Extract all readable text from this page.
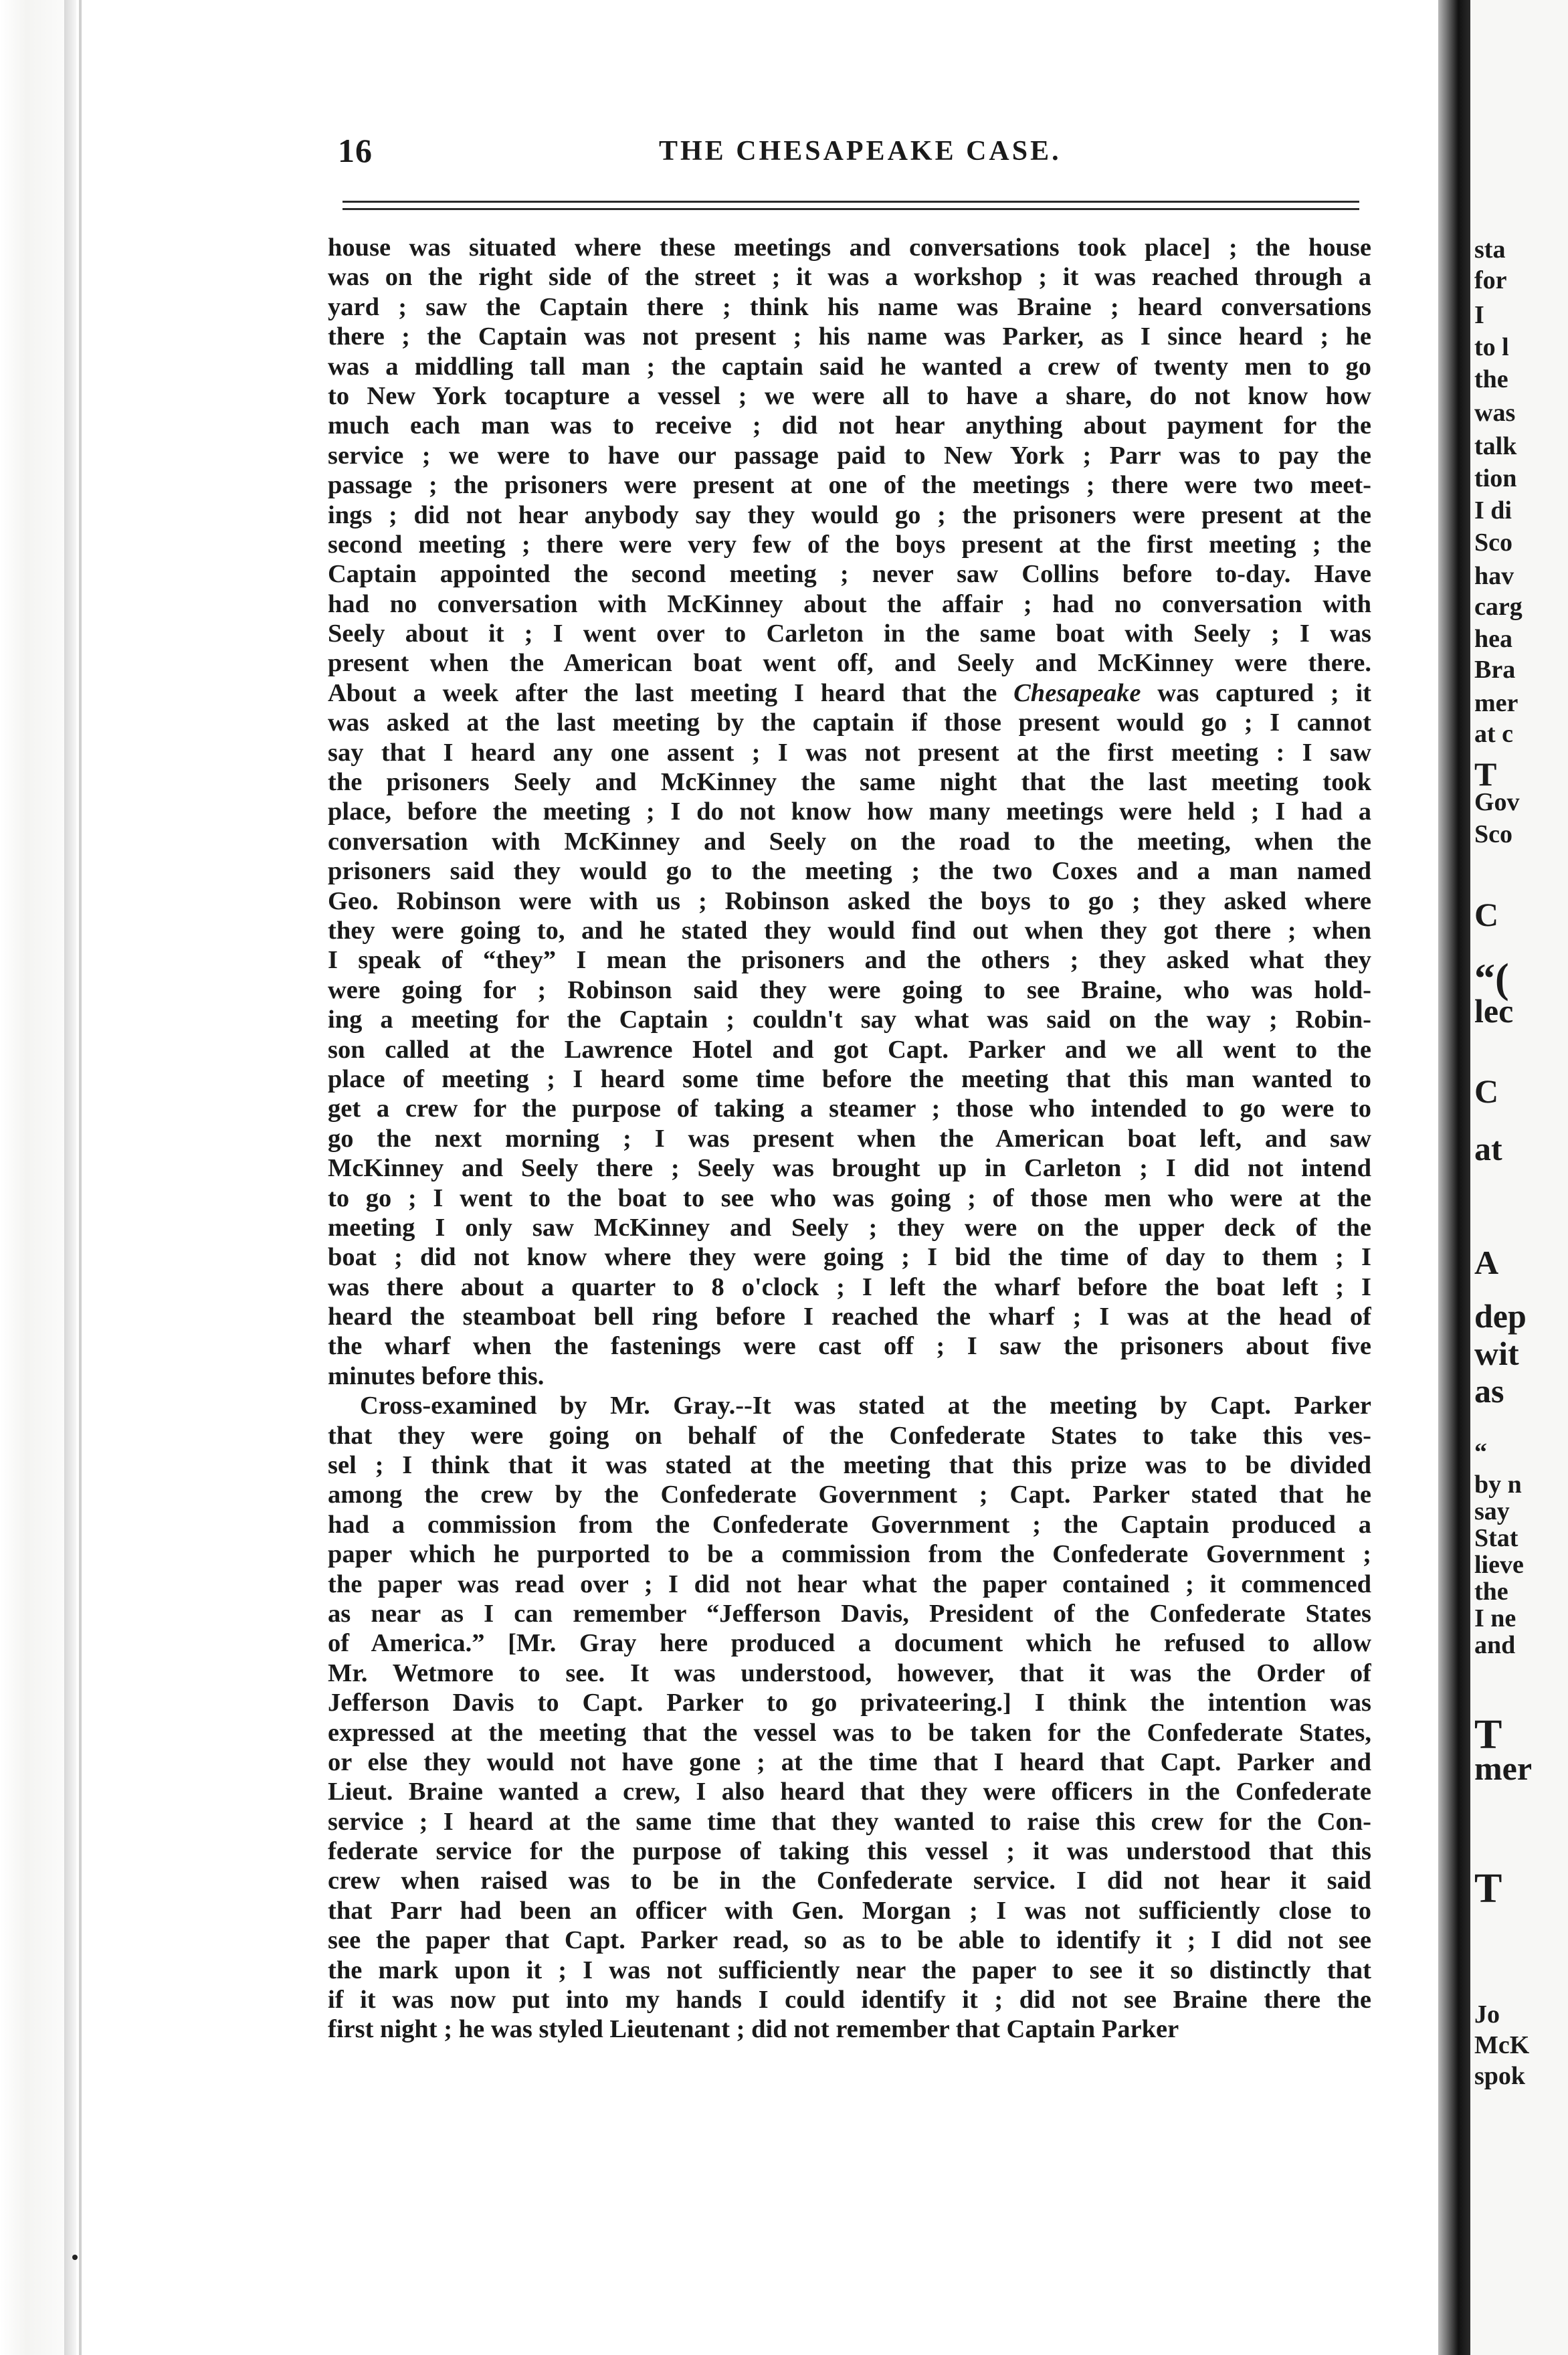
16	THE CHESAPEAKE CASE.
house was situated where these meetings and conversations took place] ; the house
was on the right side of the street ; it was a workshop ; it was reached through a
yard ; saw the Captain there ; think his name was Braine ; heard conversations
there ; the Captain was not present ; his name was Parker, as I since heard ; he
was a middling tall man ; the captain said he wanted a crew of twenty men to go
to New York tocapture a vessel ; we were all to have a share, do not know how
much each man was to receive ; did not hear anything about payment for the
service ; we were to have our passage paid to New York ; Parr was to pay the
passage ; the prisoners were present at one of the meetings ; there were two meet-
ings ; did not hear anybody say they would go ; the prisoners were present at the
second meeting ; there were very few of the boys present at the first meeting ; the
Captain appointed the second meeting ; never saw Collins before to-day. Have
had no conversation with McKinney about the affair ; had no conversation with
Seely about it ; I went over to Carleton in the same boat with Seely ; I was
present when the American boat went off, and Seely and McKinney were there.
About a week after the last meeting I heard that the Chesapeake was captured ; it
was asked at the last meeting by the captain if those present would go ; I cannot
say that I heard any one assent ; I was not present at the first meeting : I saw
the prisoners Seely and McKinney the same night that the last meeting took
place, before the meeting ; I do not know how many meetings were held ; I had a
conversation with McKinney and Seely on the road to the meeting, when the
prisoners said they would go to the meeting ; the two Coxes and a man named
Geo. Robinson were with us ; Robinson asked the boys to go ; they asked where
they were going to, and he stated they would find out when they got there ; when
I speak of “they” I mean the prisoners and the others ; they asked what they
were going for ; Robinson said they were going to see Braine, who was hold-
ing a meeting for the Captain ; couldn't say what was said on the way ; Robin-
son called at the Lawrence Hotel and got Capt. Parker and we all went to the
place of meeting ; I heard some time before the meeting that this man wanted to
get a crew for the purpose of taking a steamer ; those who intended to go were to
go the next morning ; I was present when the American boat left, and saw
McKinney and Seely there ; Seely was brought up in Carleton ; I did not intend
to go ; I went to the boat to see who was going ; of those men who were at the
meeting I only saw McKinney and Seely ; they were on the upper deck of the
boat ; did not know where they were going ; I bid the time of day to them ; I
was there about a quarter to 8 o'clock ; I left the wharf before the boat left ; I
heard the steamboat bell ring before I reached the wharf ; I was at the head of
the wharf when the fastenings were cast off ; I saw the prisoners about five
minutes before this.
Cross-examined by Mr. Gray.--It was stated at the meeting by Capt. Parker
that they were going on behalf of the Confederate States to take this ves-
sel ; I think that it was stated at the meeting that this prize was to be divided
among the crew by the Confederate Government ; Capt. Parker stated that he
had a commission from the Confederate Government ; the Captain produced a
paper which he purported to be a commission from the Confederate Government ;
the paper was read over ; I did not hear what the paper contained ; it commenced
as near as I can remember “Jefferson Davis, President of the Confederate States
of America.” [Mr. Gray here produced a document which he refused to allow
Mr. Wetmore to see. It was understood, however, that it was the Order of
Jefferson Davis to Capt. Parker to go privateering.] I think the intention was
expressed at the meeting that the vessel was to be taken for the Confederate States,
or else they would not have gone ; at the time that I heard that Capt. Parker and
Lieut. Braine wanted a crew, I also heard that they were officers in the Confederate
service ; I heard at the same time that they wanted to raise this crew for the Con-
federate service for the purpose of taking this vessel ; it was understood that this
crew when raised was to be in the Confederate service. I did not hear it said
that Parr had been an officer with Gen. Morgan ; I was not sufficiently close to
see the paper that Capt. Parker read, so as to be able to identify it ; I did not see
the mark upon it ; I was not sufficiently near the paper to see it so distinctly that
if it was now put into my hands I could identify it ; did not see Braine there the
first night ; he was styled Lieutenant ; did not remember that Captain Parker
sta
for
I
to l
the
was
talk
tion
I di
Sco
hav
carg
hea
Bra
mer
at c
T
Gov
Sco
C
“(
lec
C
at
A
dep
wit
as
“
by n
say
Stat
lieve
the
I ne
and
T
mer
T
Jo
McK
spok
